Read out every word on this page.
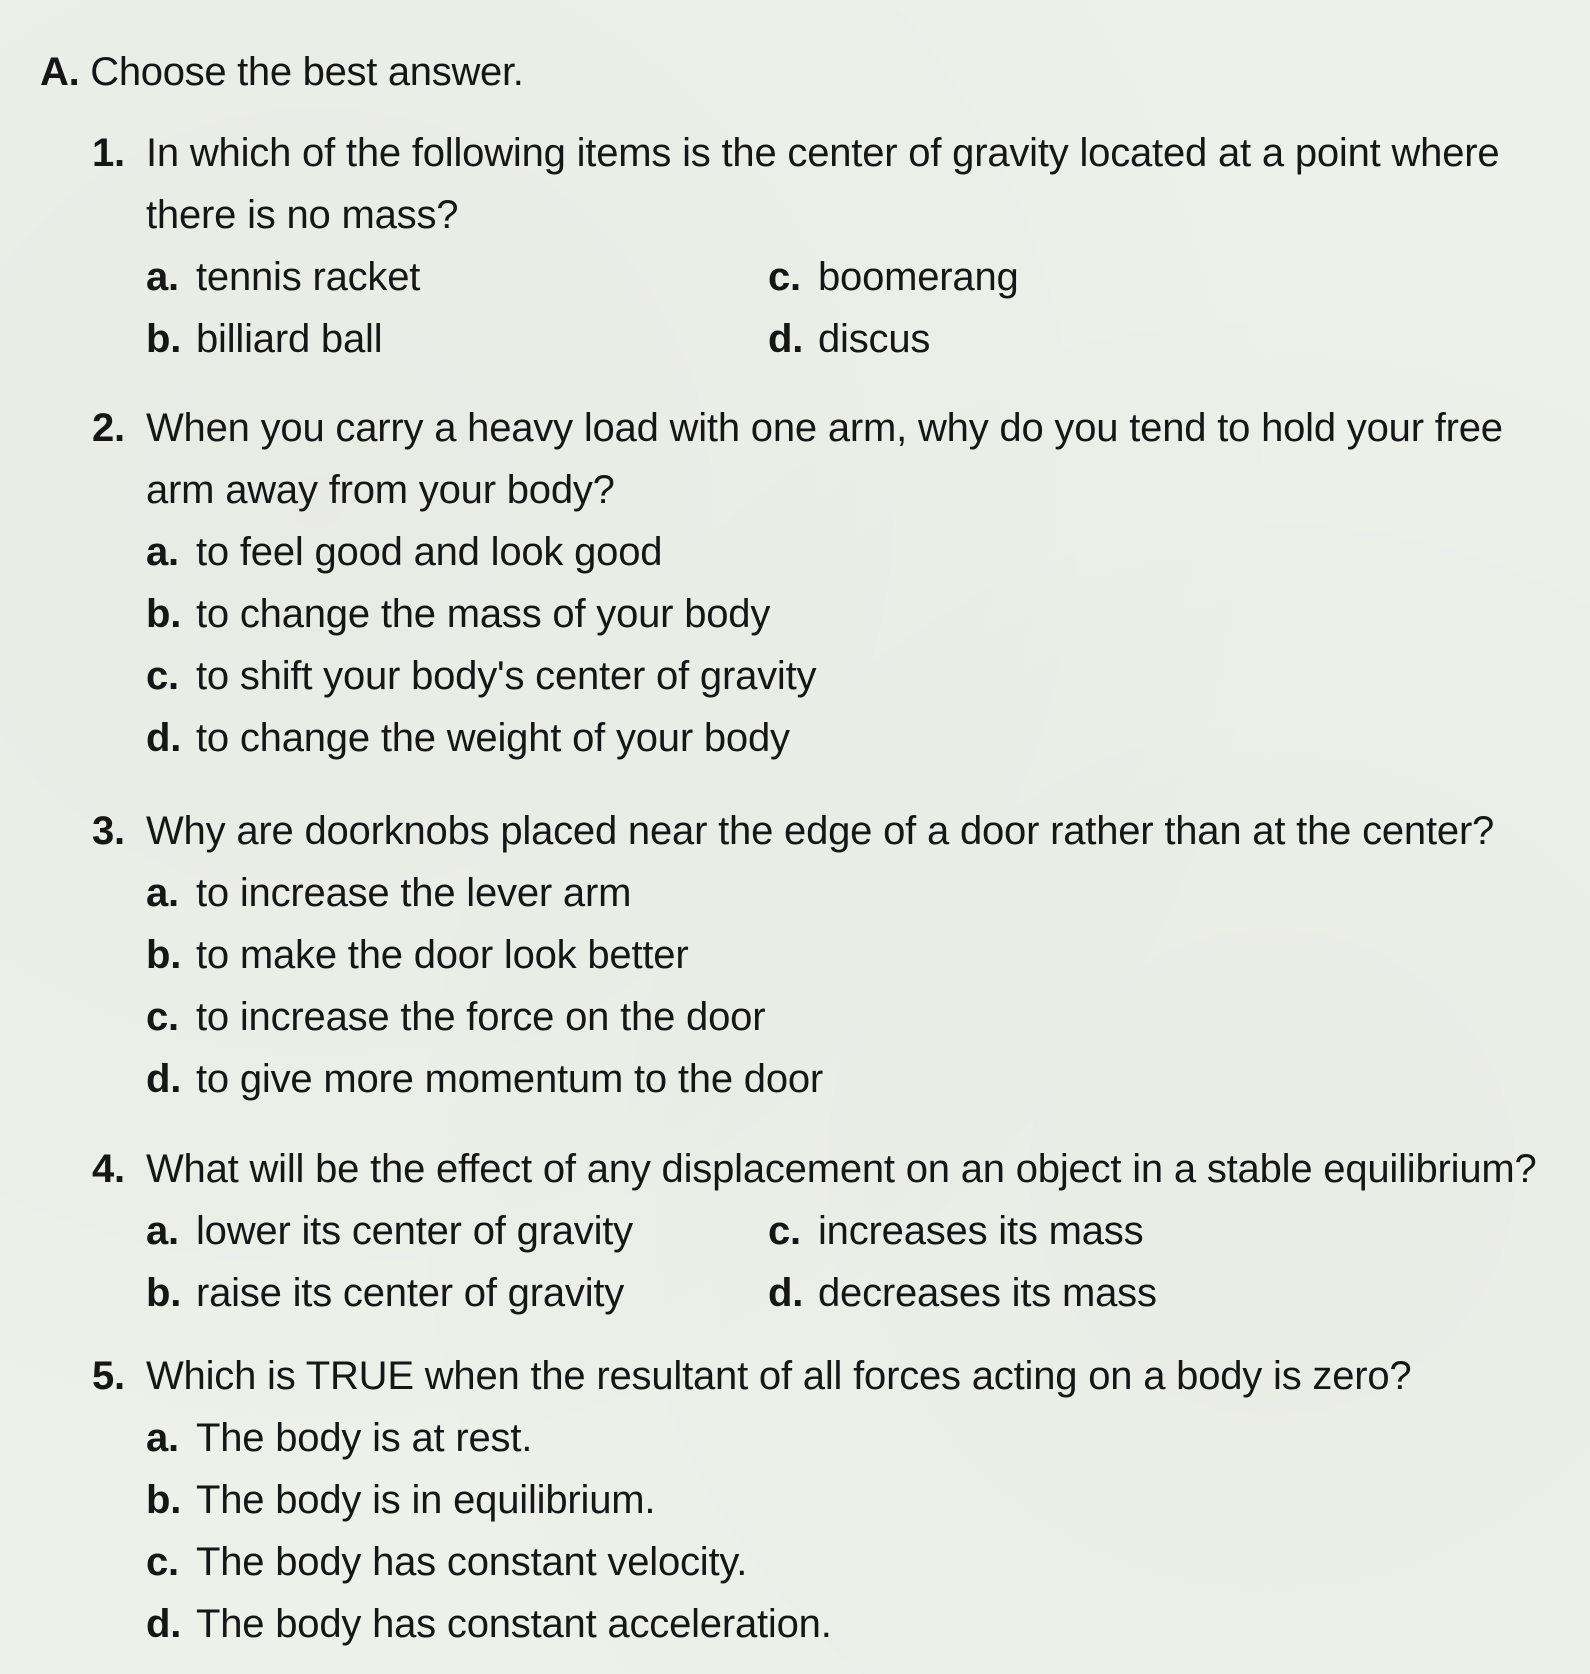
A. Choose the best answer.
1. In which of the following items is the center of gravity located at a point where there is no mass?
a. tennis racket
b. billiard ball
c. boomerang
d. discus
2. When you carry a heavy load with one arm, why do you tend to hold your free arm away from your body?
a. to feel good and look good
b. to change the mass of your body
c. to shift your body's center of gravity
d. to change the weight of your body
3. Why are doorknobs placed near the edge of a door rather than at the center?
a. to increase the lever arm
b. to make the door look better
c. to increase the force on the door
d. to give more momentum to the door
4. What will be the effect of any displacement on an object in a stable equilibrium?
a. lower its center of gravity
b. raise its center of gravity
c. increases its mass
d. decreases its mass
5. Which is TRUE when the resultant of all forces acting on a body is zero?
a. The body is at rest.
b. The body is in equilibrium.
c. The body has constant velocity.
d. The body has constant acceleration.
